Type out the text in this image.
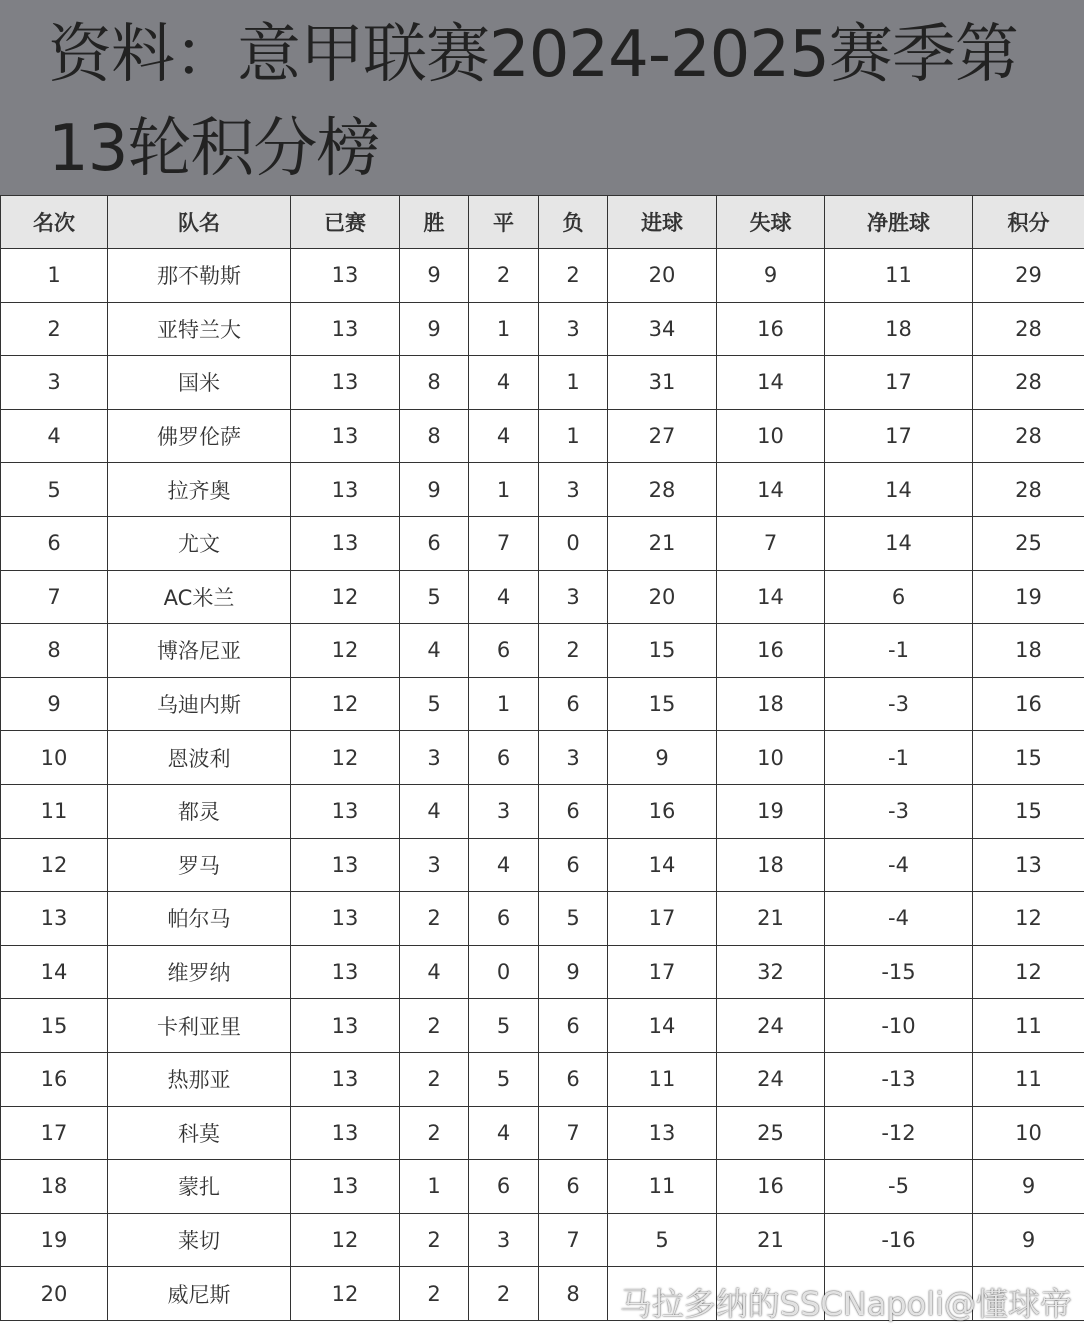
资料：意甲联赛2024-2025赛季第13轮积分榜
名次	队名	已赛	胜	平	负	进球	失球	净胜球	积分
1	那不勒斯	13	9	2	2	20	9	11	29
2	亚特兰大	13	9	1	3	34	16	18	28
3	国米	13	8	4	1	31	14	17	28
4	佛罗伦萨	13	8	4	1	27	10	17	28
5	拉齐奥	13	9	1	3	28	14	14	28
6	尤文	13	6	7	0	21	7	14	25
7	AC米兰	12	5	4	3	20	14	6	19
8	博洛尼亚	12	4	6	2	15	16	-1	18
9	乌迪内斯	12	5	1	6	15	18	-3	16
10	恩波利	12	3	6	3	9	10	-1	15
11	都灵	13	4	3	6	16	19	-3	15
12	罗马	13	3	4	6	14	18	-4	13
13	帕尔马	13	2	6	5	17	21	-4	12
14	维罗纳	13	4	0	9	17	32	-15	12
15	卡利亚里	13	2	5	6	14	24	-10	11
16	热那亚	13	2	5	6	11	24	-13	11
17	科莫	13	2	4	7	13	25	-12	10
18	蒙扎	13	1	6	6	11	16	-5	9
19	莱切	12	2	3	7	5	21	-16	9
20	威尼斯	12	2	2	8				马拉多纳的SSCNapoli@懂球帝
